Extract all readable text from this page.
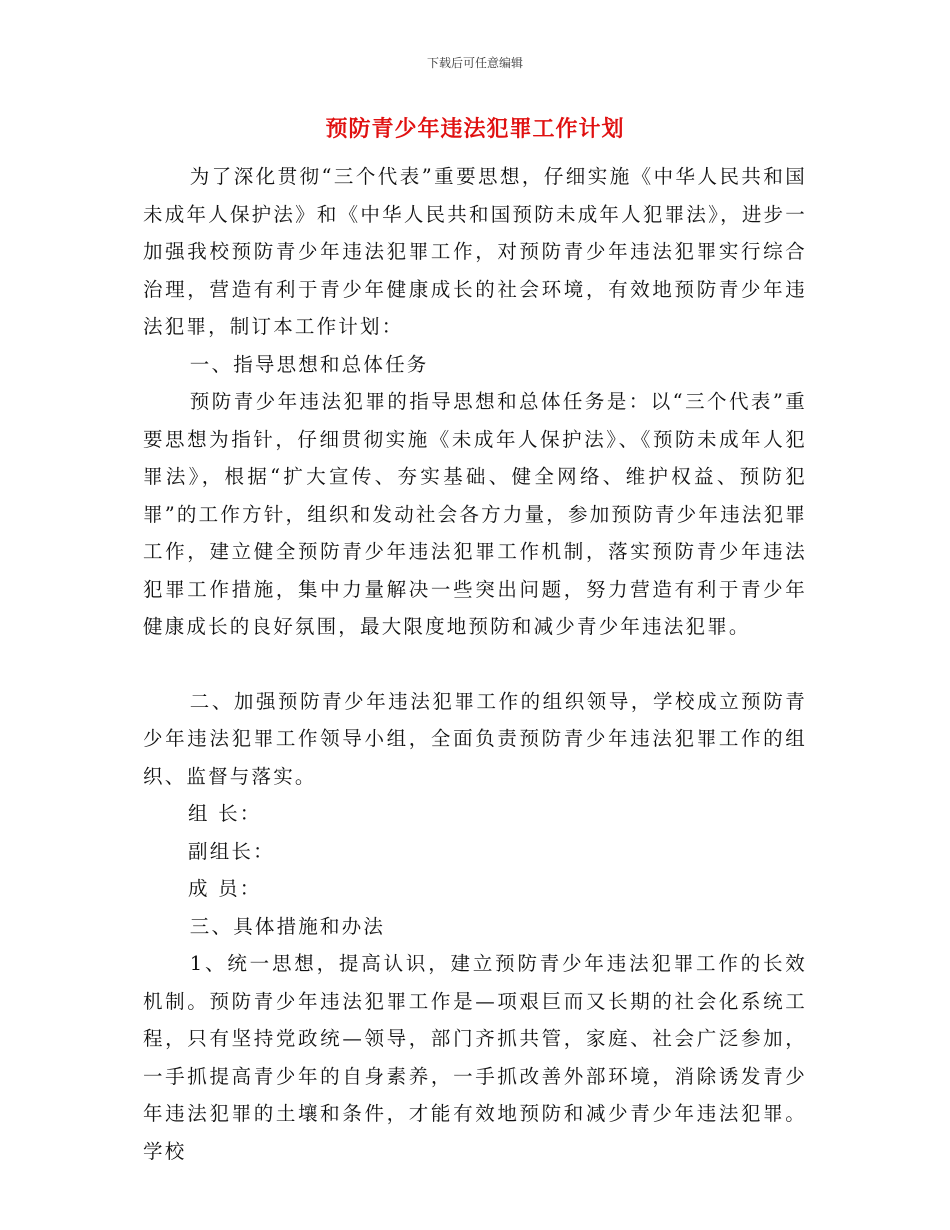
下载后可任意编辑
预防青少年违法犯罪工作计划

为了深化贯彻“三个代表”重要思想，仔细实施《中华人民共和国未成年人保护法》和《中华人民共和国预防未成年人犯罪法》，进步一加强我校预防青少年违法犯罪工作，对预防青少年违法犯罪实行综合治理，营造有利于青少年健康成长的社会环境，有效地预防青少年违法犯罪，制订本工作计划：

一、指导思想和总体任务

预防青少年违法犯罪的指导思想和总体任务是：以“三个代表”重要思想为指针，仔细贯彻实施《未成年人保护法》、《预防未成年人犯罪法》，根据“扩大宣传、夯实基础、健全网络、维护权益、预防犯罪”的工作方针，组织和发动社会各方力量，参加预防青少年违法犯罪工作，建立健全预防青少年违法犯罪工作机制，落实预防青少年违法犯罪工作措施，集中力量解决一些突出问题，努力营造有利于青少年健康成长的良好氛围，最大限度地预防和减少青少年违法犯罪。

二、加强预防青少年违法犯罪工作的组织领导，学校成立预防青少年违法犯罪工作领导小组，全面负责预防青少年违法犯罪工作的组织、监督与落实。

组 长：

副组长：

成 员：

三、具体措施和办法

1、统一思想，提高认识，建立预防青少年违法犯罪工作的长效机制。预防青少年违法犯罪工作是—项艰巨而又长期的社会化系统工程，只有坚持党政统—领导，部门齐抓共管，家庭、社会广泛参加，一手抓提高青少年的自身素养，一手抓改善外部环境，消除诱发青少年违法犯罪的土壤和条件，才能有效地预防和减少青少年违法犯罪。学校
